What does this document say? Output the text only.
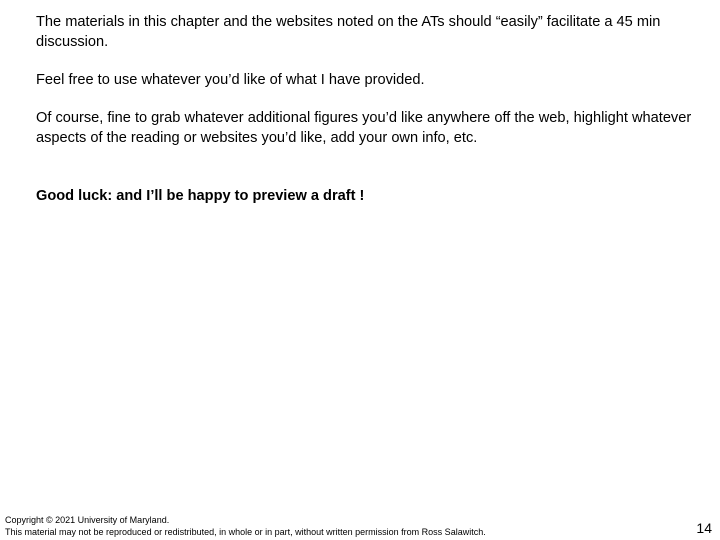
The materials in this chapter and the websites noted on the ATs should “easily” facilitate a 45 min discussion.

Feel free to use whatever you’d like of what I have provided.

Of course, fine to grab whatever additional figures you’d like anywhere off the web, highlight whatever aspects of the reading or websites you’d like, add your own info, etc.

Good luck: and I’ll be happy to preview a draft !

Copyright © 2021 University of Maryland.
This material may not be reproduced or redistributed, in whole or in part, without written permission from Ross Salawitch.	14
